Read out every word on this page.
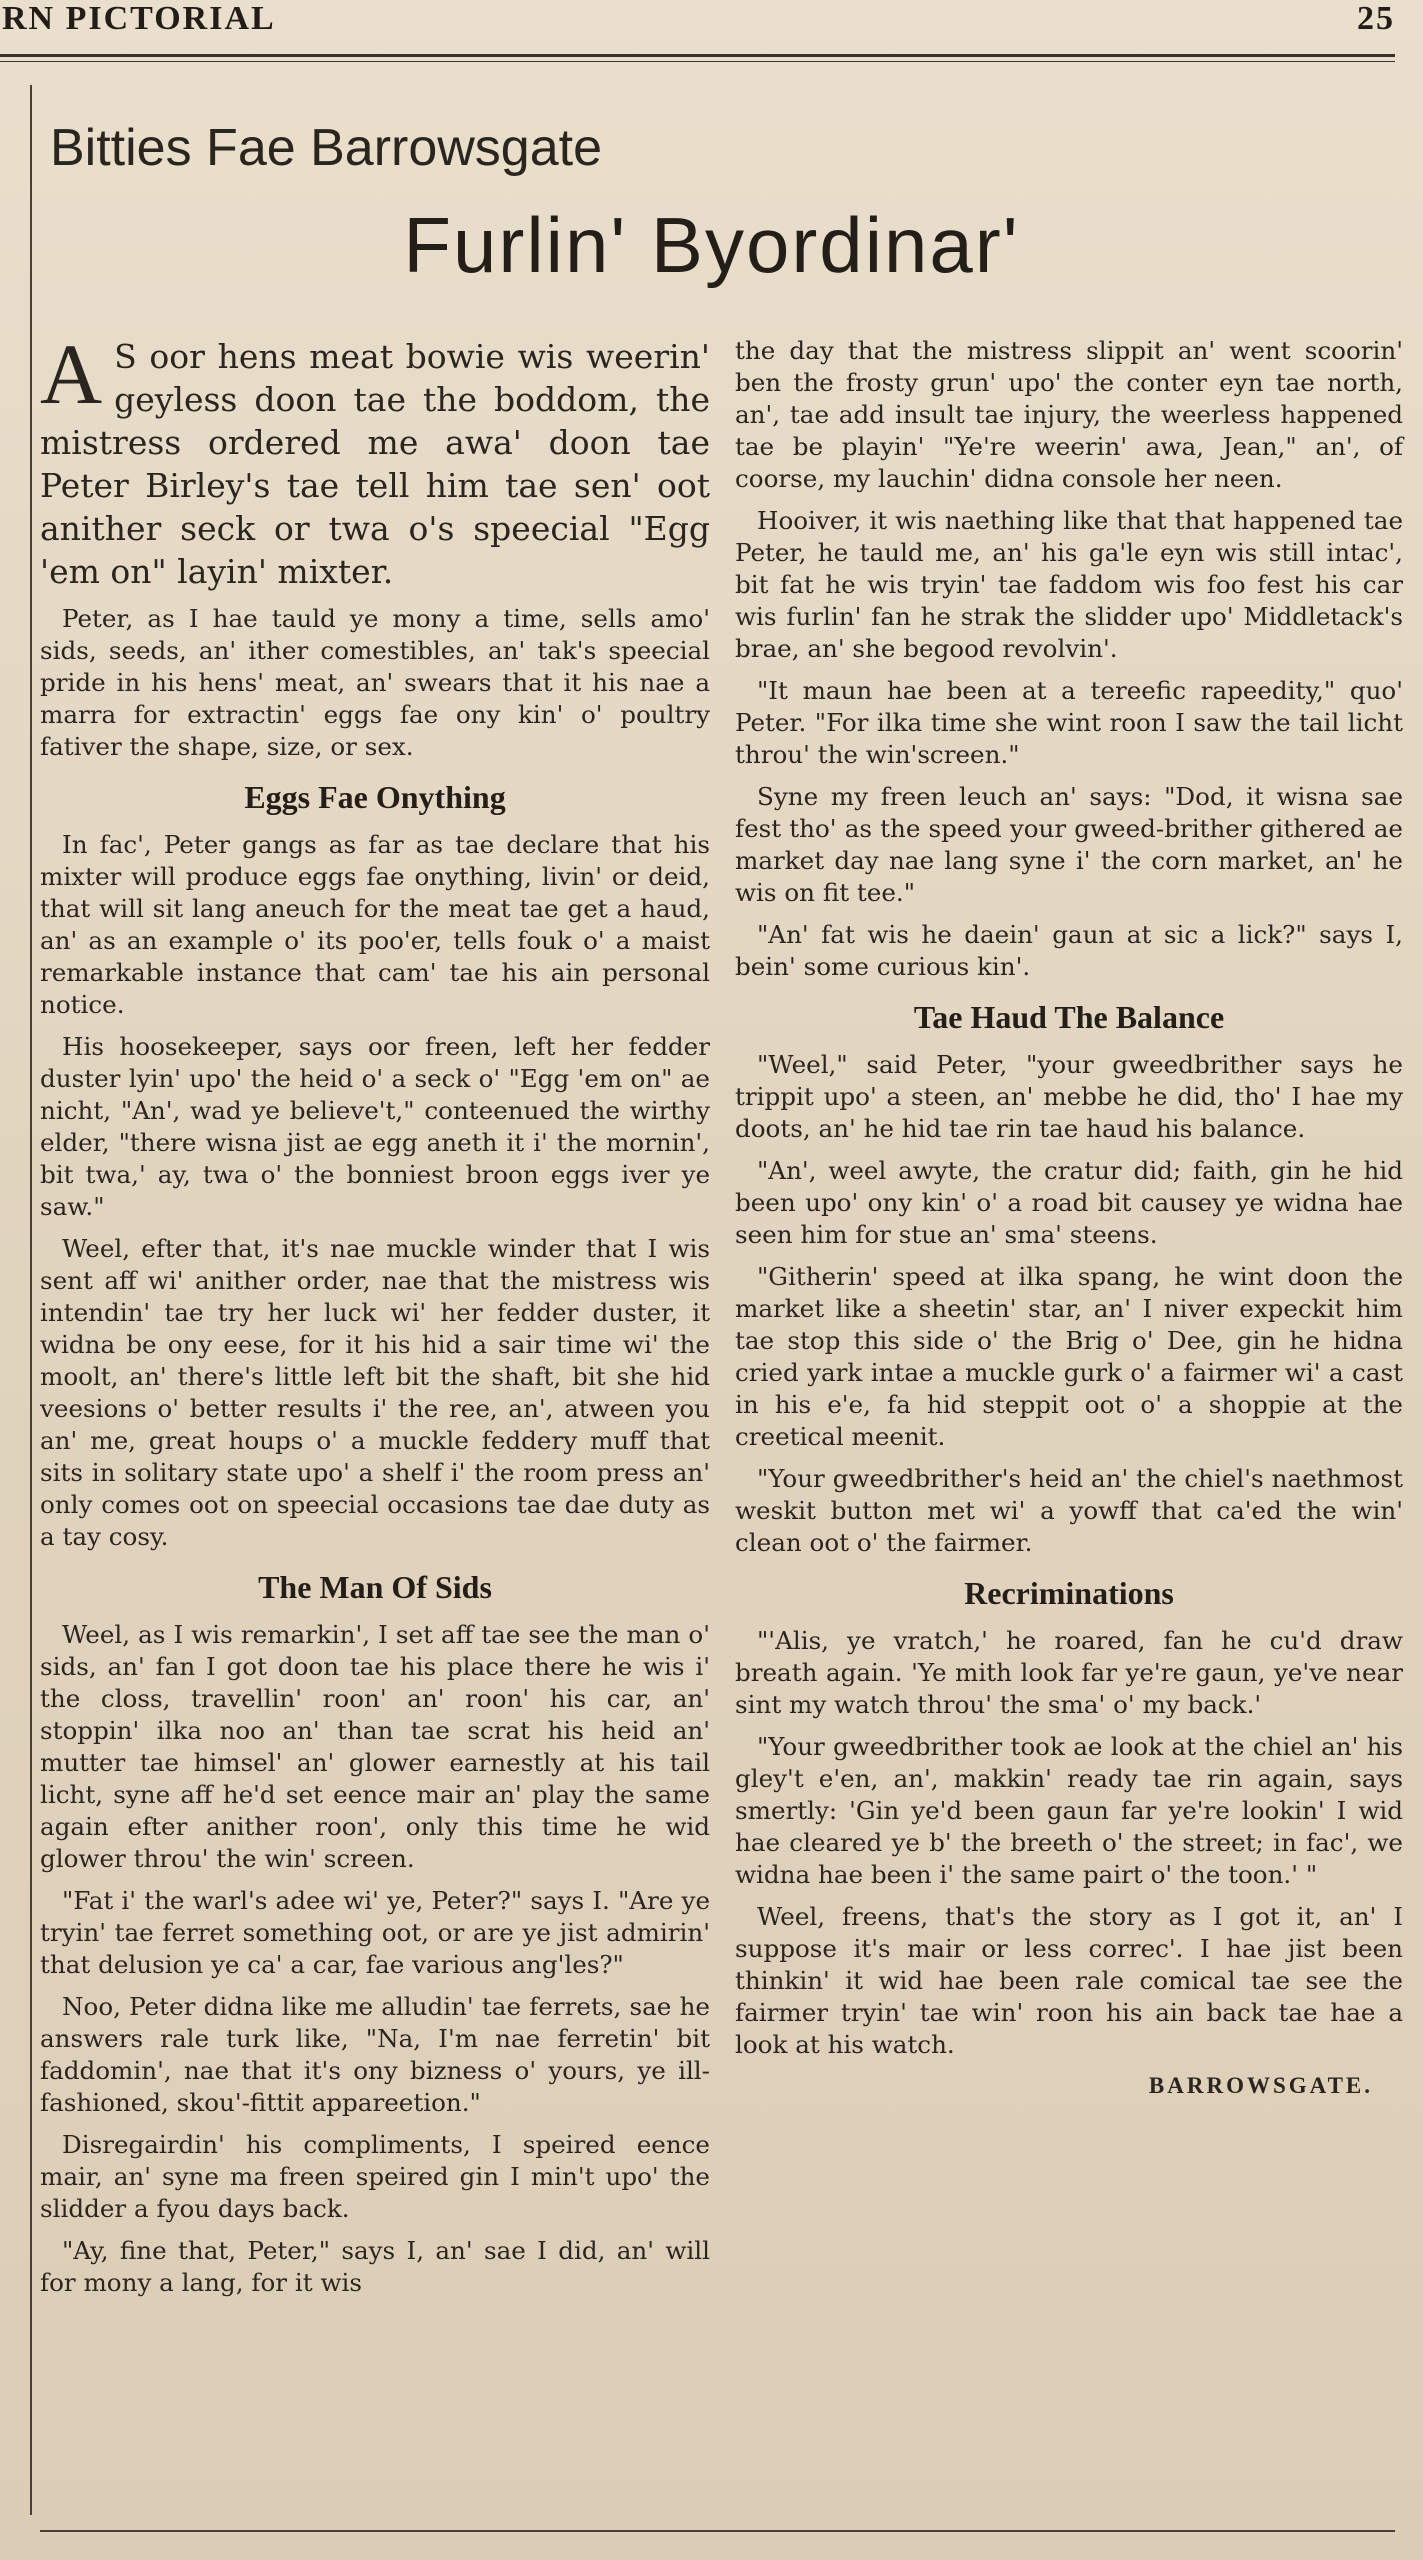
RN PICTORIAL	25
Bitties Fae Barrowsgate
Furlin' Byordinar'

A S oor hens meat bowie wis weerin' geyless doon tae the boddom, the mistress ordered me awa' doon tae Peter Birley's tae tell him tae sen' oot anither seck or twa o's speecial "Egg 'em on" layin' mixter.

Peter, as I hae tauld ye mony a time, sells amo' sids, seeds, an' ither comestibles, an' tak's speecial pride in his hens' meat, an' swears that it his nae a marra for extractin' eggs fae ony kin' o' poultry fativer the shape, size, or sex.

Eggs Fae Onything

In fac', Peter gangs as far as tae declare that his mixter will produce eggs fae onything, livin' or deid, that will sit lang aneuch for the meat tae get a haud, an' as an example o' its poo'er, tells fouk o' a maist remarkable instance that cam' tae his ain personal notice.

His hoosekeeper, says oor freen, left her fedder duster lyin' upo' the heid o' a seck o' "Egg 'em on" ae nicht, "An', wad ye believe't," conteenued the wirthy elder, "there wisna jist ae egg aneth it i' the mornin', bit twa,' ay, twa o' the bonniest broon eggs iver ye saw."

Weel, efter that, it's nae muckle winder that I wis sent aff wi' anither order, nae that the mistress wis intendin' tae try her luck wi' her fedder duster, it widna be ony eese, for it his hid a sair time wi' the moolt, an' there's little left bit the shaft, bit she hid veesions o' better results i' the ree, an', atween you an' me, great houps o' a muckle feddery muff that sits in solitary state upo' a shelf i' the room press an' only comes oot on speecial occasions tae dae duty as a tay cosy.

The Man Of Sids

Weel, as I wis remarkin', I set aff tae see the man o' sids, an' fan I got doon tae his place there he wis i' the closs, travellin' roon' an' roon' his car, an' stoppin' ilka noo an' than tae scrat his heid an' mutter tae himsel' an' glower earnestly at his tail licht, syne aff he'd set eence mair an' play the same again efter anither roon', only this time he wid glower throu' the win' screen.

"Fat i' the warl's adee wi' ye, Peter?" says I. "Are ye tryin' tae ferret something oot, or are ye jist admirin' that delusion ye ca' a car, fae various ang'les?"

Noo, Peter didna like me alludin' tae ferrets, sae he answers rale turk like, "Na, I'm nae ferretin' bit faddomin', nae that it's ony bizness o' yours, ye ill-fashioned, skou'-fittit appareetion."

Disregairdin' his compliments, I speired eence mair, an' syne ma freen speired gin I min't upo' the slidder a fyou days back.

"Ay, fine that, Peter," says I, an' sae I did, an' will for mony a lang, for it wis

the day that the mistress slippit an' went scoorin' ben the frosty grun' upo' the conter eyn tae north, an', tae add insult tae injury, the weerless happened tae be playin' "Ye're weerin' awa, Jean," an', of coorse, my lauchin' didna console her neen.

Hooiver, it wis naething like that that happened tae Peter, he tauld me, an' his ga'le eyn wis still intac', bit fat he wis tryin' tae faddom wis foo fest his car wis furlin' fan he strak the slidder upo' Middletack's brae, an' she begood revolvin'.

"It maun hae been at a tereefic rapeedity," quo' Peter. "For ilka time she wint roon I saw the tail licht throu' the win'screen."

Syne my freen leuch an' says: "Dod, it wisna sae fest tho' as the speed your gweed-brither githered ae market day nae lang syne i' the corn market, an' he wis on fit tee."

"An' fat wis he daein' gaun at sic a lick?" says I, bein' some curious kin'.

Tae Haud The Balance

"Weel," said Peter, "your gweedbrither says he trippit upo' a steen, an' mebbe he did, tho' I hae my doots, an' he hid tae rin tae haud his balance.

"An', weel awyte, the cratur did; faith, gin he hid been upo' ony kin' o' a road bit causey ye widna hae seen him for stue an' sma' steens.

"Githerin' speed at ilka spang, he wint doon the market like a sheetin' star, an' I niver expeckit him tae stop this side o' the Brig o' Dee, gin he hidna cried yark intae a muckle gurk o' a fairmer wi' a cast in his e'e, fa hid steppit oot o' a shoppie at the creetical meenit.

"Your gweedbrither's heid an' the chiel's naethmost weskit button met wi' a yowff that ca'ed the win' clean oot o' the fairmer.

Recriminations

"'Alis, ye vratch,' he roared, fan he cu'd draw breath again. 'Ye mith look far ye're gaun, ye've near sint my watch throu' the sma' o' my back.'

"Your gweedbrither took ae look at the chiel an' his gley't e'en, an', makkin' ready tae rin again, says smertly: 'Gin ye'd been gaun far ye're lookin' I wid hae cleared ye b' the breeth o' the street; in fac', we widna hae been i' the same pairt o' the toon.' "

Weel, freens, that's the story as I got it, an' I suppose it's mair or less correc'. I hae jist been thinkin' it wid hae been rale comical tae see the fairmer tryin' tae win' roon his ain back tae hae a look at his watch.

BARROWSGATE.
